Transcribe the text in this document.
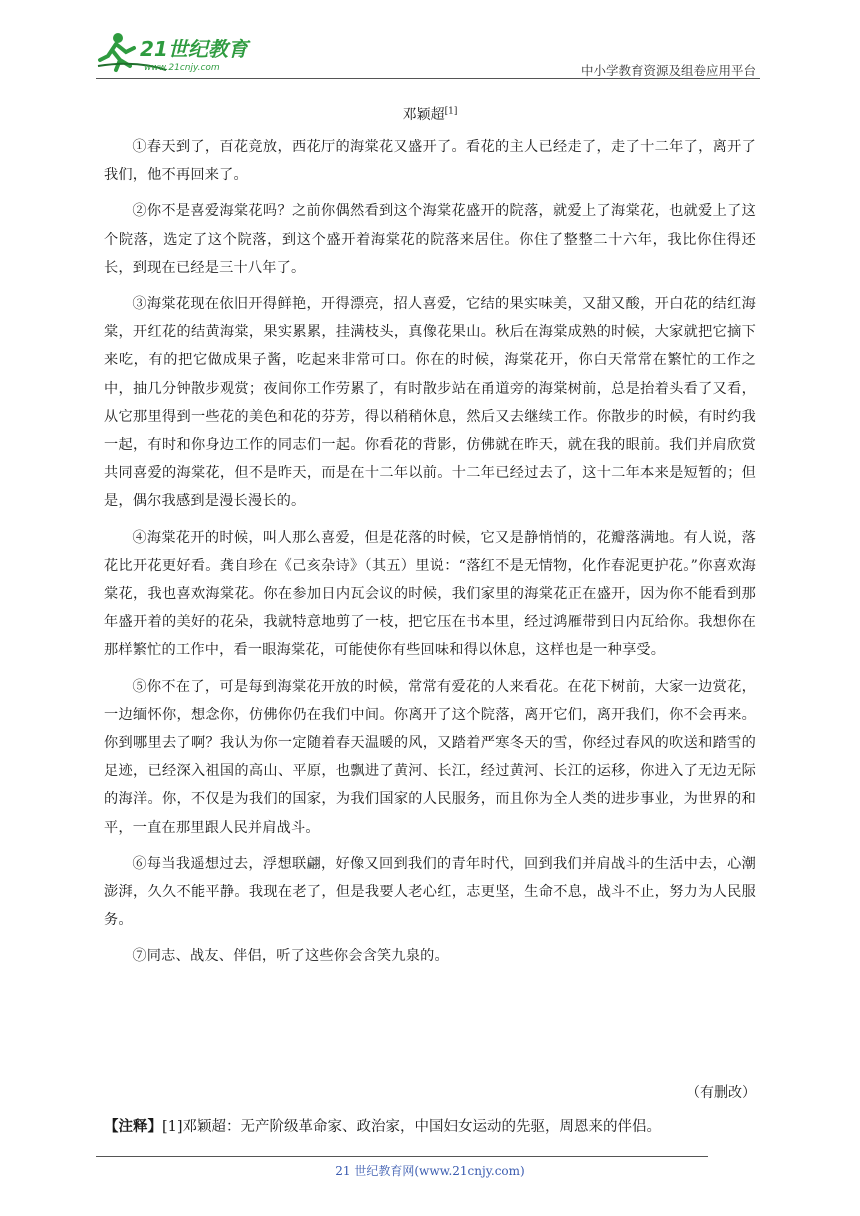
21世纪教育
www.21cnjy.com	中小学教育资源及组卷应用平台
邓颖超[1]

①春天到了，百花竞放，西花厅的海棠花又盛开了。看花的主人已经走了，走了十二年了，离开了我们，他不再回来了。

②你不是喜爱海棠花吗？之前你偶然看到这个海棠花盛开的院落，就爱上了海棠花，也就爱上了这个院落，选定了这个院落，到这个盛开着海棠花的院落来居住。你住了整整二十六年，我比你住得还长，到现在已经是三十八年了。

③海棠花现在依旧开得鲜艳，开得漂亮，招人喜爱，它结的果实味美，又甜又酸，开白花的结红海棠，开红花的结黄海棠，果实累累，挂满枝头，真像花果山。秋后在海棠成熟的时候，大家就把它摘下来吃，有的把它做成果子酱，吃起来非常可口。你在的时候，海棠花开，你白天常常在繁忙的工作之中，抽几分钟散步观赏；夜间你工作劳累了，有时散步站在甬道旁的海棠树前，总是抬着头看了又看，从它那里得到一些花的美色和花的芬芳，得以稍稍休息，然后又去继续工作。你散步的时候，有时约我一起，有时和你身边工作的同志们一起。你看花的背影，仿佛就在昨天，就在我的眼前。我们并肩欣赏共同喜爱的海棠花，但不是昨天，而是在十二年以前。十二年已经过去了，这十二年本来是短暂的；但是，偶尔我感到是漫长漫长的。

④海棠花开的时候，叫人那么喜爱，但是花落的时候，它又是静悄悄的，花瓣落满地。有人说，落花比开花更好看。龚自珍在《己亥杂诗》（其五）里说：“落红不是无情物，化作春泥更护花。”你喜欢海棠花，我也喜欢海棠花。你在参加日内瓦会议的时候，我们家里的海棠花正在盛开，因为你不能看到那年盛开着的美好的花朵，我就特意地剪了一枝，把它压在书本里，经过鸿雁带到日内瓦给你。我想你在那样繁忙的工作中，看一眼海棠花，可能使你有些回味和得以休息，这样也是一种享受。

⑤你不在了，可是每到海棠花开放的时候，常常有爱花的人来看花。在花下树前，大家一边赏花，一边缅怀你，想念你，仿佛你仍在我们中间。你离开了这个院落，离开它们，离开我们，你不会再来。你到哪里去了啊？我认为你一定随着春天温暖的风，又踏着严寒冬天的雪，你经过春风的吹送和踏雪的足迹，已经深入祖国的高山、平原，也飘进了黄河、长江，经过黄河、长江的运移，你进入了无边无际的海洋。你，不仅是为我们的国家，为我们国家的人民服务，而且你为全人类的进步事业，为世界的和平，一直在那里跟人民并肩战斗。

⑥每当我遥想过去，浮想联翩，好像又回到我们的青年时代，回到我们并肩战斗的生活中去，心潮澎湃，久久不能平静。我现在老了，但是我要人老心红，志更坚，生命不息，战斗不止，努力为人民服务。

⑦同志、战友、伴侣，听了这些你会含笑九泉的。

（有删改）
【注释】[1]邓颖超：无产阶级革命家、政治家，中国妇女运动的先驱，周恩来的伴侣。
21 世纪教育网(www.21cnjy.com)
